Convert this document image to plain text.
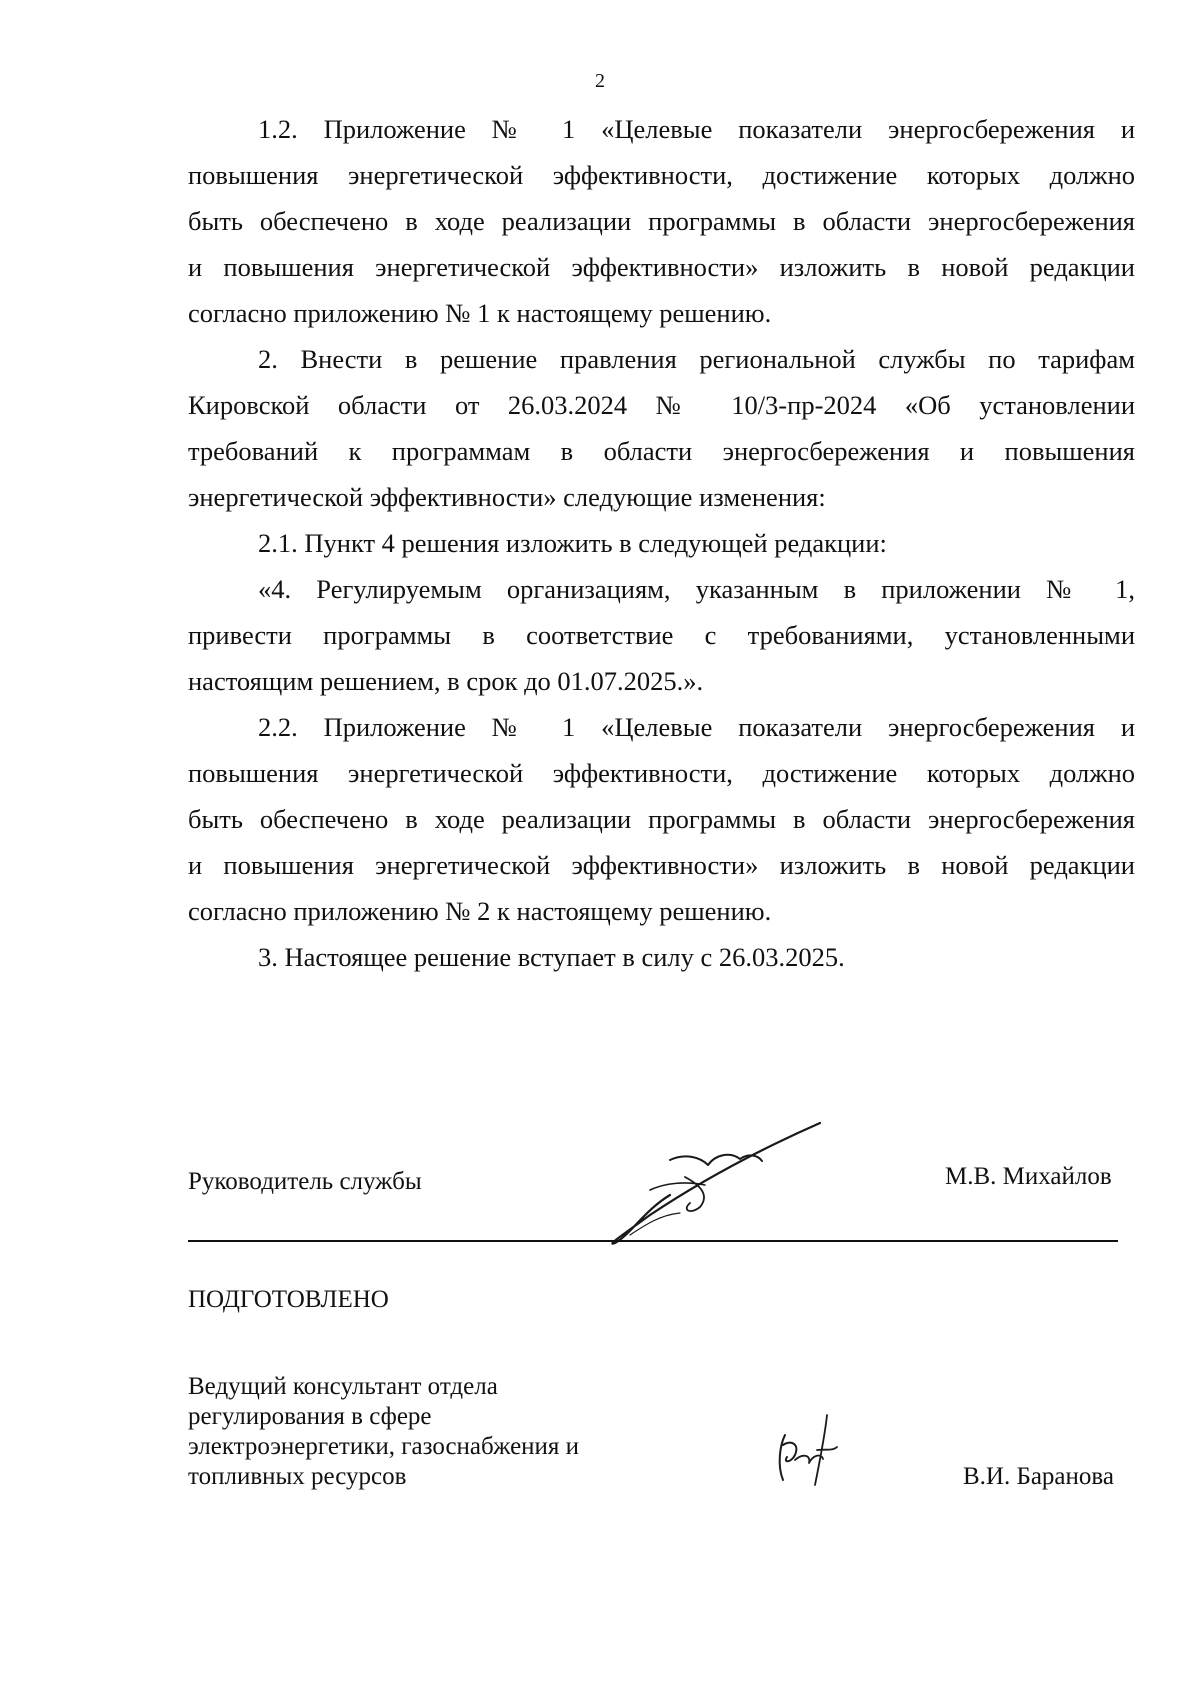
2
1.2. Приложение № 1 «Целевые показатели энергосбережения и
повышения энергетической эффективности, достижение которых должно
быть обеспечено в ходе реализации программы в области энергосбережения
и повышения энергетической эффективности» изложить в новой редакции
согласно приложению № 1 к настоящему решению.
2. Внести в решение правления региональной службы по тарифам
Кировской области от 26.03.2024 № 10/3-пр-2024 «Об установлении
требований к программам в области энергосбережения и повышения
энергетической эффективности» следующие изменения:
2.1. Пункт 4 решения изложить в следующей редакции:
«4. Регулируемым организациям, указанным в приложении № 1,
привести программы в соответствие с требованиями, установленными
настоящим решением, в срок до 01.07.2025.».
2.2. Приложение № 1 «Целевые показатели энергосбережения и
повышения энергетической эффективности, достижение которых должно
быть обеспечено в ходе реализации программы в области энергосбережения
и повышения энергетической эффективности» изложить в новой редакции
согласно приложению № 2 к настоящему решению.
3. Настоящее решение вступает в силу с 26.03.2025.
Руководитель службы	М.В. Михайлов
ПОДГОТОВЛЕНО
Ведущий консультант отдела
регулирования в сфере
электроэнергетики, газоснабжения и
топливных ресурсов	В.И. Баранова
